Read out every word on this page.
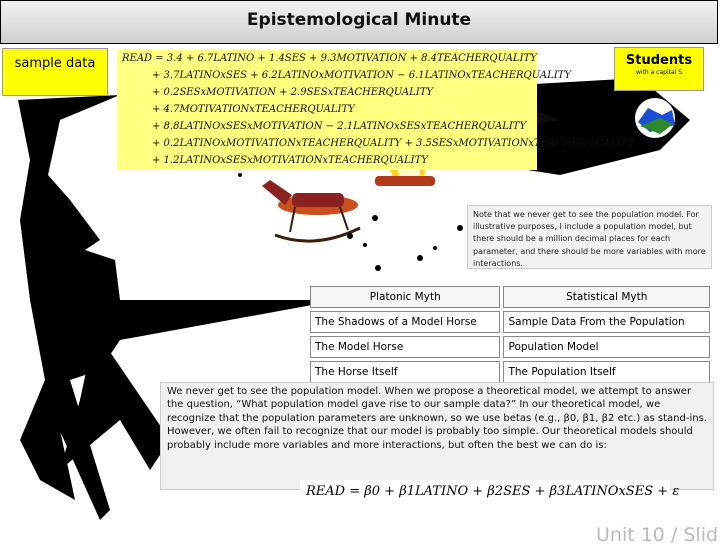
Epistemological Minute
sample data	Students
with a capital S
READ = 3.4 + 6.7LATINO + 1.4SES + 9.3MOTIVATION + 8.4TEACHERQUALITY
+ 3.7LATINOxSES + 6.2LATINOxMOTIVATION − 6.1LATINOxTEACHERQUALITY
+ 0.2SESxMOTIVATION + 2.9SESxTEACHERQUALITY
+ 4.7MOTIVATIONxTEACHERQUALITY
+ 8.8LATINOxSESxMOTIVATION − 2.1LATINOxSESxTEACHERQUALITY
+ 0.2LATINOxMOTIVATIONxTEACHERQUALITY + 3.5SESxMOTIVATIONxTEACHERQUALITY
+ 1.2LATINOxSESxMOTIVATIONxTEACHERQUALITY
Note that we never get to see the population model. For illustrative purposes, I include a population model, but there should be a million decimal places for each parameter, and there should be more variables with more interactions.
Platonic Myth	Statistical Myth
The Shadows of a Model Horse	Sample Data From the Population
The Model Horse	Population Model
The Horse Itself	The Population Itself
We never get to see the population model. When we propose a theoretical model, we attempt to answer the question, “What population model gave rise to our sample data?” In our theoretical model, we recognize that the population parameters are unknown, so we use betas (e.g., β0, β1, β2 etc.) as stand-ins. However, we often fail to recognize that our model is probably too simple. Our theoretical models should probably include more variables and more interactions, but often the best we can do is:
READ = β0 + β1LATINO + β2SES + β3LATINOxSES + ε
Unit 10 / Slid
